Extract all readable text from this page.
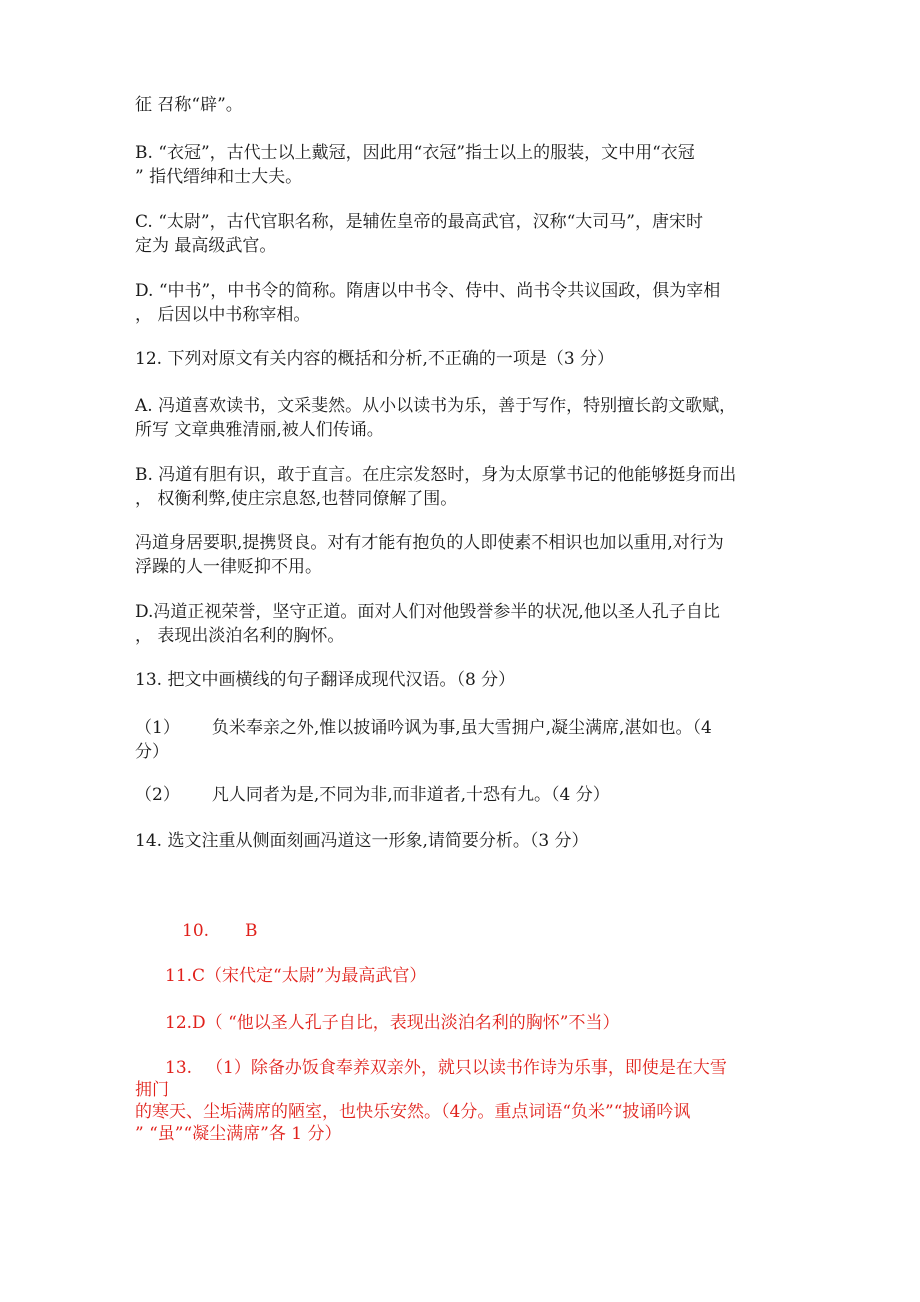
征 召称“辟”。

B. “衣冠”，古代士以上戴冠，因此用“衣冠”指士以上的服装，文中用“衣冠
” 指代缙绅和士大夫。

C. “太尉”，古代官职名称，是辅佐皇帝的最高武官，汉称“大司马”，唐宋时
定为 最高级武官。

D. “中书”，中书令的简称。隋唐以中书令、侍中、尚书令共议国政，俱为宰相
， 后因以中书称宰相。

12. 下列对原文有关内容的概括和分析,不正确的一项是（3 分）

A. 冯道喜欢读书，文采斐然。从小以读书为乐，善于写作，特别擅长韵文歌赋，
所写 文章典雅清丽,被人们传诵。

B. 冯道有胆有识，敢于直言。在庄宗发怒时，身为太原掌书记的他能够挺身而出
， 权衡利弊,使庄宗息怒,也替同僚解了围。

冯道身居要职,提携贤良。对有才能有抱负的人即使素不相识也加以重用,对行为
浮躁的人一律贬抑不用。

D.冯道正视荣誉，坚守正道。面对人们对他毁誉参半的状况,他以圣人孔子自比
， 表现出淡泊名利的胸怀。

13. 把文中画横线的句子翻译成现代汉语。（8 分）

（1） 负米奉亲之外,惟以披诵吟讽为事,虽大雪拥户,凝尘满席,湛如也。（4
分）

（2） 凡人同者为是,不同为非,而非道者,十恐有九。（4 分）

14. 选文注重从侧面刻画冯道这一形象,请简要分析。（3 分）

10. B

11.C（宋代定“太尉”为最高武官）

12.D（ “他以圣人孔子自比，表现出淡泊名利的胸怀”不当）

13. （1）除备办饭食奉养双亲外，就只以读书作诗为乐事，即使是在大雪
拥门
的寒天、尘垢满席的陋室，也快乐安然。（4分。重点词语“负米”“披诵吟讽
” “虽”“凝尘满席”各 1 分）
